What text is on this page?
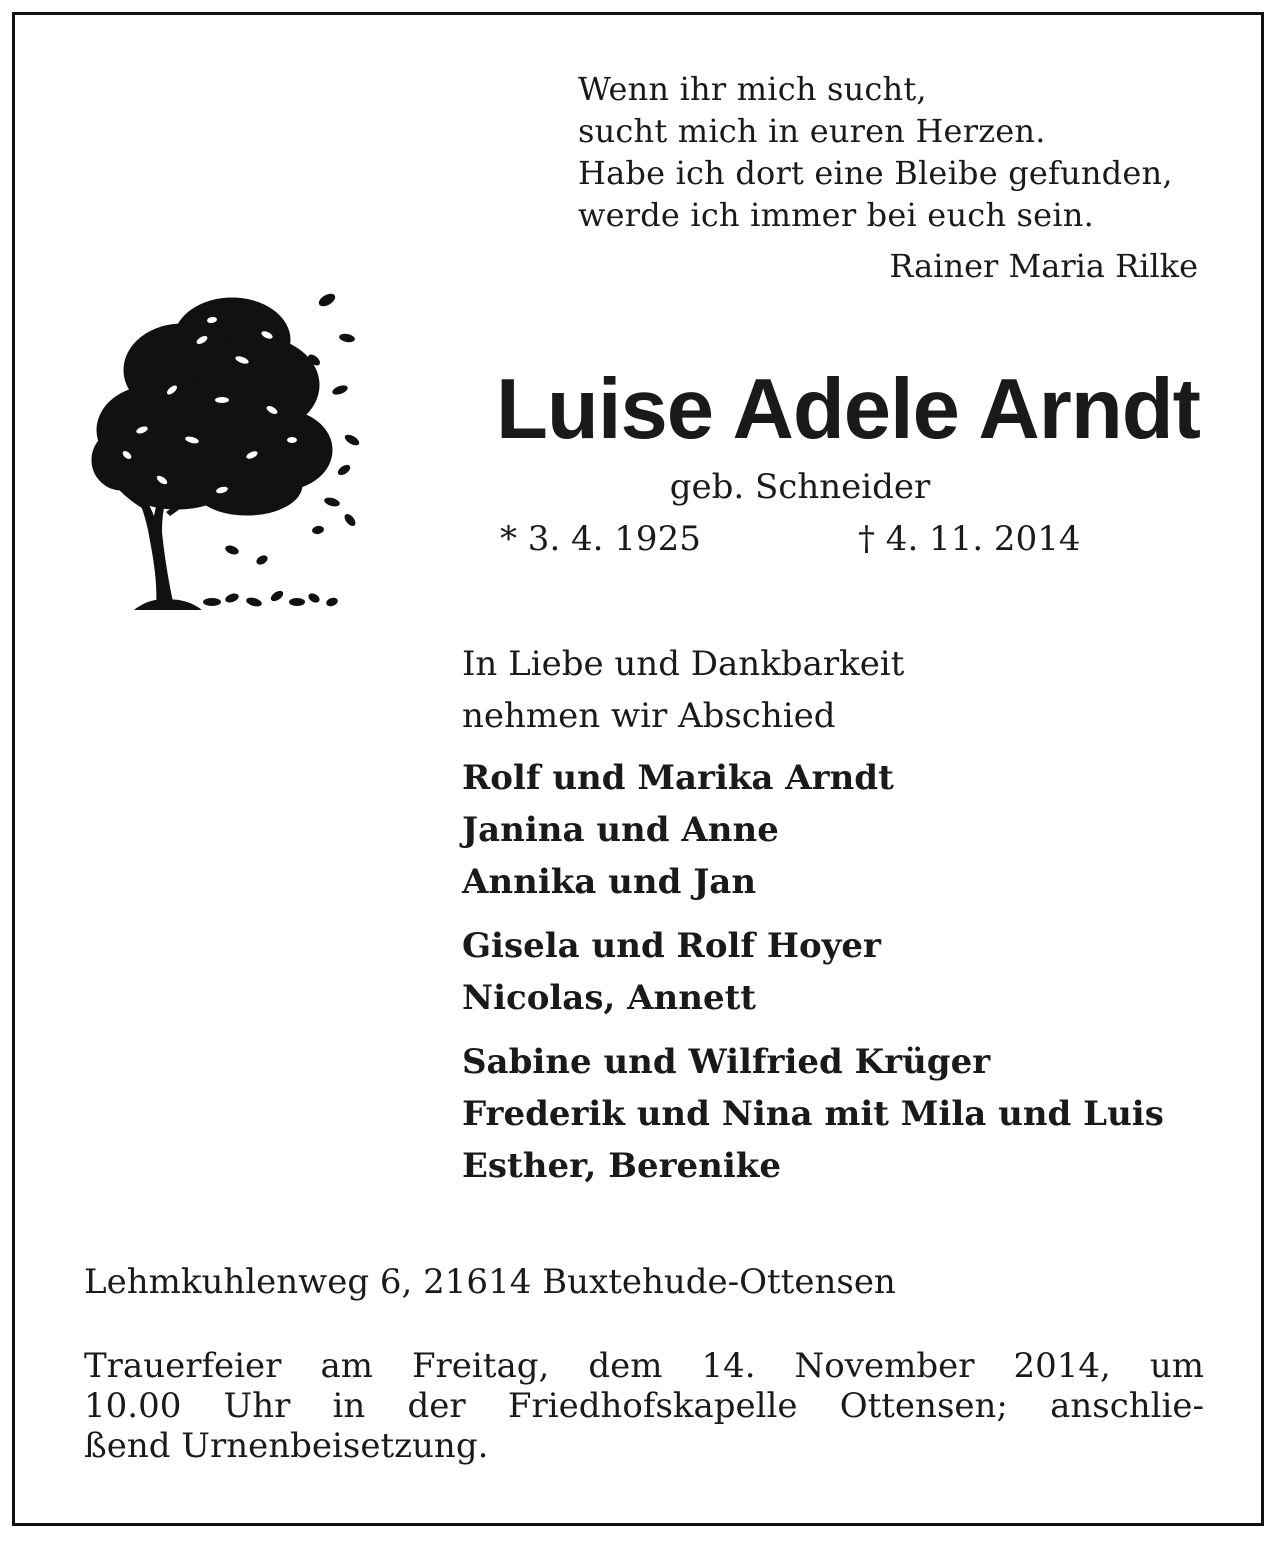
Wenn ihr mich sucht,
sucht mich in euren Herzen.
Habe ich dort eine Bleibe gefunden,
werde ich immer bei euch sein.
Rainer Maria Rilke
Luise Adele Arndt
geb. Schneider
* 3. 4. 1925	† 4. 11. 2014
In Liebe und Dankbarkeit
nehmen wir Abschied
Rolf und Marika Arndt
Janina und Anne
Annika und Jan
Gisela und Rolf Hoyer
Nicolas, Annett
Sabine und Wilfried Krüger
Frederik und Nina mit Mila und Luis
Esther, Berenike
Lehmkuhlenweg 6, 21614 Buxtehude-Ottensen
Trauerfeier am Freitag, dem 14. November 2014, um
10.00 Uhr in der Friedhofskapelle Ottensen; anschlie-
ßend Urnenbeisetzung.
